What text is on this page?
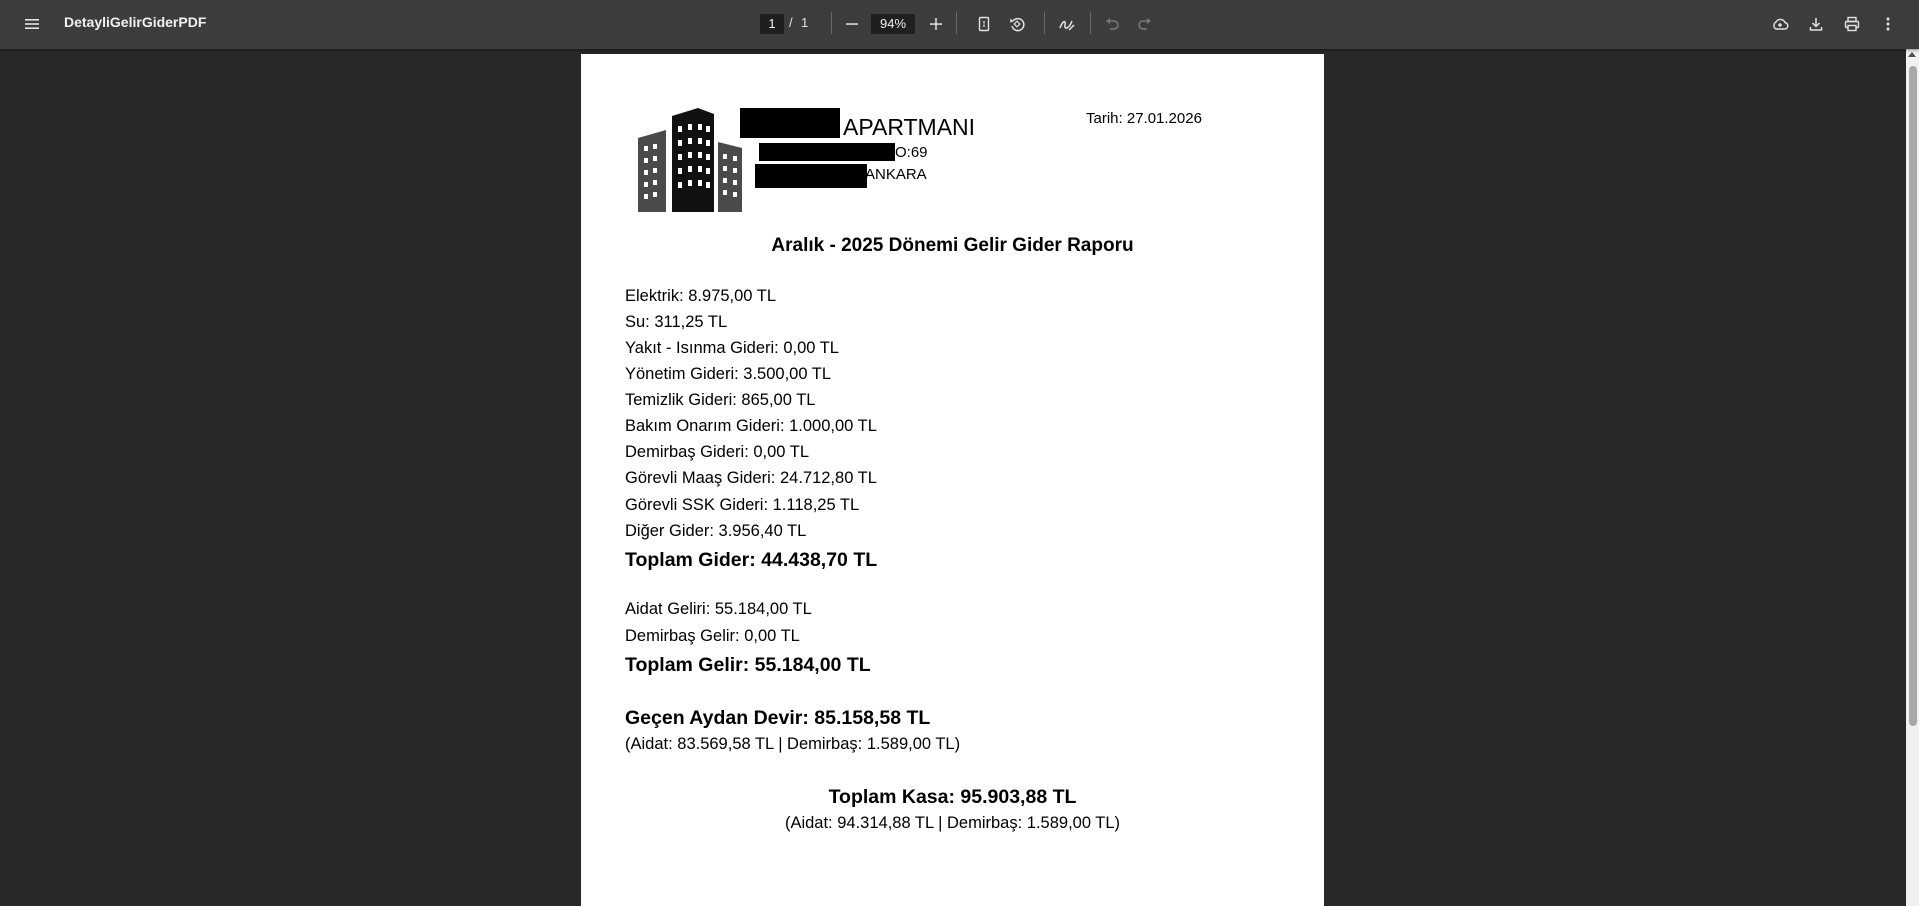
DetayliGelirGiderPDF	1	/ 1	94%
APARTMANI
O:69
ANKARA
Tarih: 27.01.2026
Aralık - 2025 Dönemi Gelir Gider Raporu
Elektrik: 8.975,00 TL
Su: 311,25 TL
Yakıt - Isınma Gideri: 0,00 TL
Yönetim Gideri: 3.500,00 TL
Temizlik Gideri: 865,00 TL
Bakım Onarım Gideri: 1.000,00 TL
Demirbaş Gideri: 0,00 TL
Görevli Maaş Gideri: 24.712,80 TL
Görevli SSK Gideri: 1.118,25 TL
Diğer Gider: 3.956,40 TL
Toplam Gider: 44.438,70 TL
Aidat Geliri: 55.184,00 TL
Demirbaş Gelir: 0,00 TL
Toplam Gelir: 55.184,00 TL
Geçen Aydan Devir: 85.158,58 TL
(Aidat: 83.569,58 TL | Demirbaş: 1.589,00 TL)
Toplam Kasa: 95.903,88 TL
(Aidat: 94.314,88 TL | Demirbaş: 1.589,00 TL)
